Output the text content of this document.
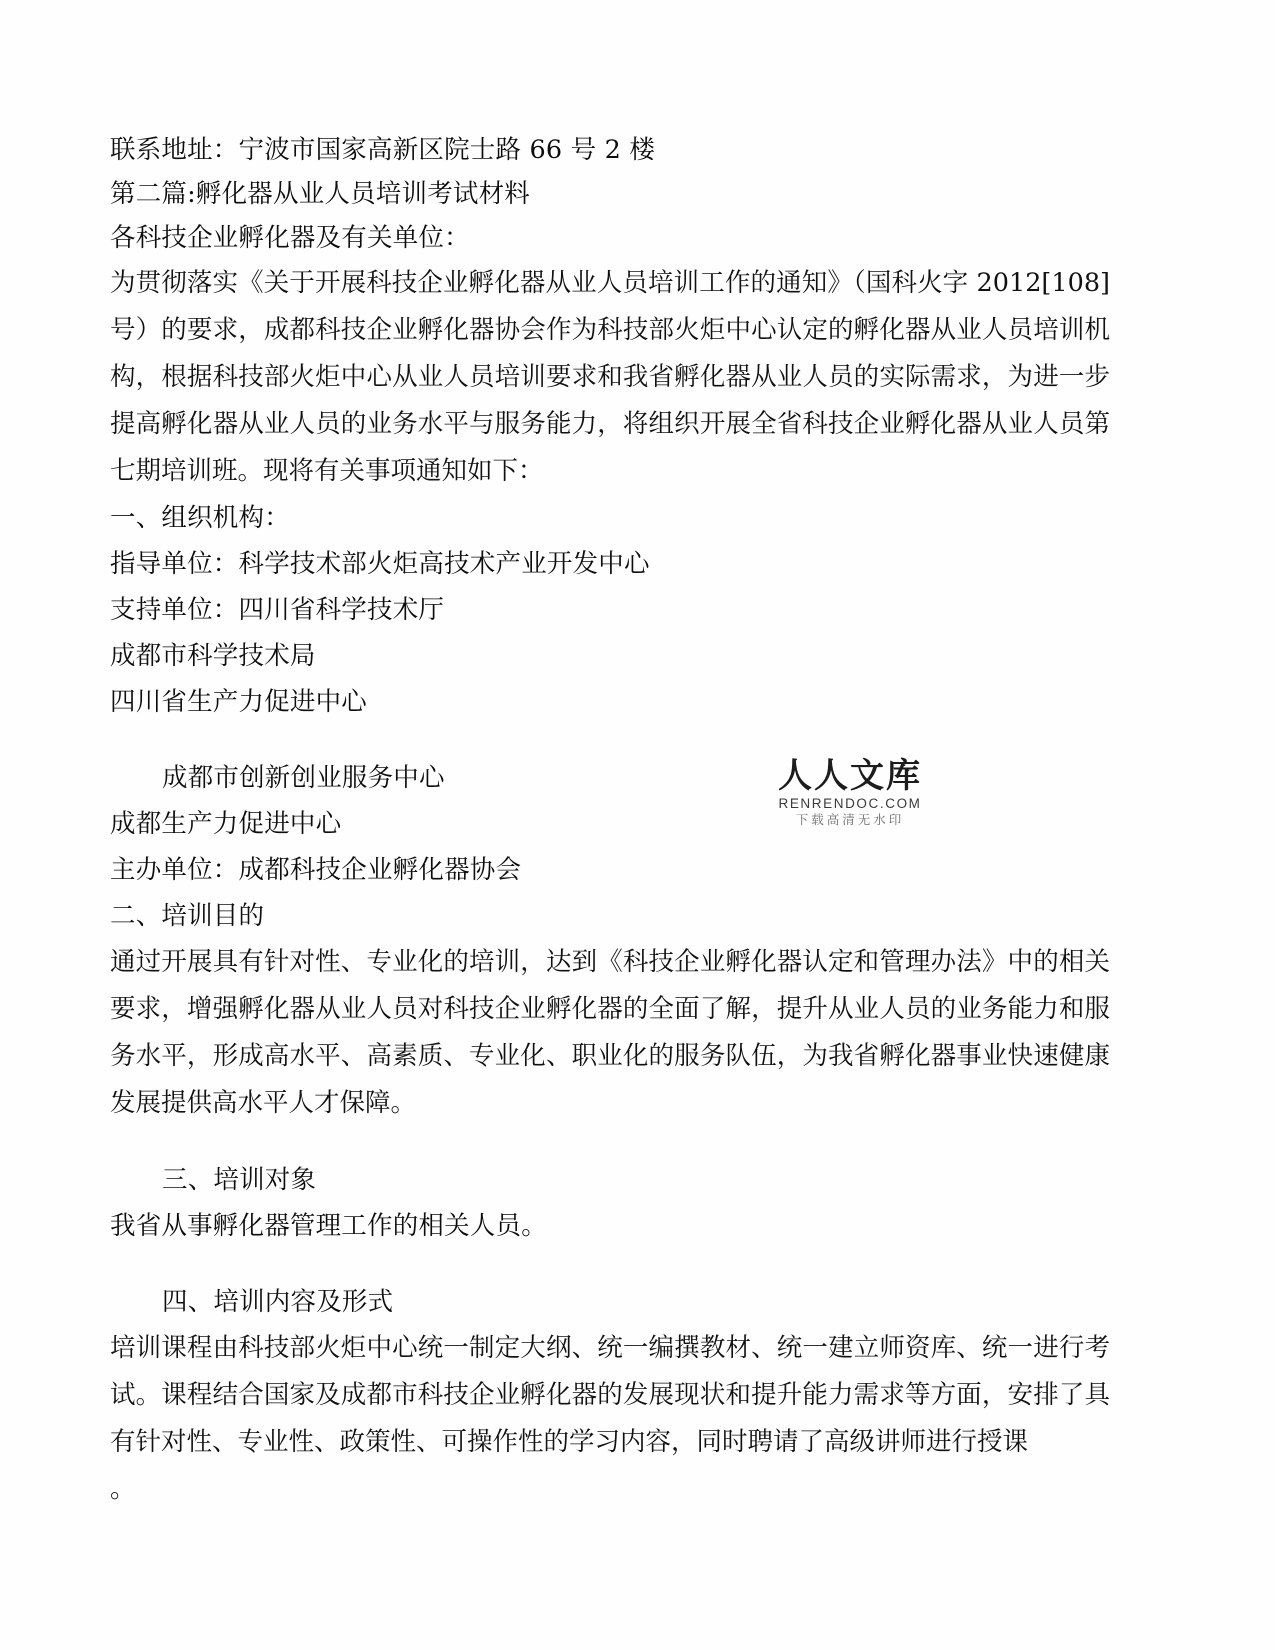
联系地址：宁波市国家高新区院士路 66 号 2 楼

第二篇:孵化器从业人员培训考试材料

各科技企业孵化器及有关单位：

为贯彻落实《关于开展科技企业孵化器从业人员培训工作的通知》（国科火字 2012[108]号）的要求，成都科技企业孵化器协会作为科技部火炬中心认定的孵化器从业人员培训机构，根据科技部火炬中心从业人员培训要求和我省孵化器从业人员的实际需求，为进一步提高孵化器从业人员的业务水平与服务能力，将组织开展全省科技企业孵化器从业人员第七期培训班。现将有关事项通知如下：

一、组织机构：

指导单位：科学技术部火炬高技术产业开发中心

支持单位：四川省科学技术厅

成都市科学技术局

四川省生产力促进中心

成都市创新创业服务中心

成都生产力促进中心

主办单位：成都科技企业孵化器协会

二、培训目的

通过开展具有针对性、专业化的培训，达到《科技企业孵化器认定和管理办法》中的相关要求，增强孵化器从业人员对科技企业孵化器的全面了解，提升从业人员的业务能力和服务水平，形成高水平、高素质、专业化、职业化的服务队伍，为我省孵化器事业快速健康发展提供高水平人才保障。

三、培训对象

我省从事孵化器管理工作的相关人员。

四、培训内容及形式

培训课程由科技部火炬中心统一制定大纲、统一编撰教材、统一建立师资库、统一进行考试。课程结合国家及成都市科技企业孵化器的发展现状和提升能力需求等方面，安排了具有针对性、专业性、政策性、可操作性的学习内容，同时聘请了高级讲师进行授课

。

人人文库
RENRENDOC.COM
下载高清无水印
